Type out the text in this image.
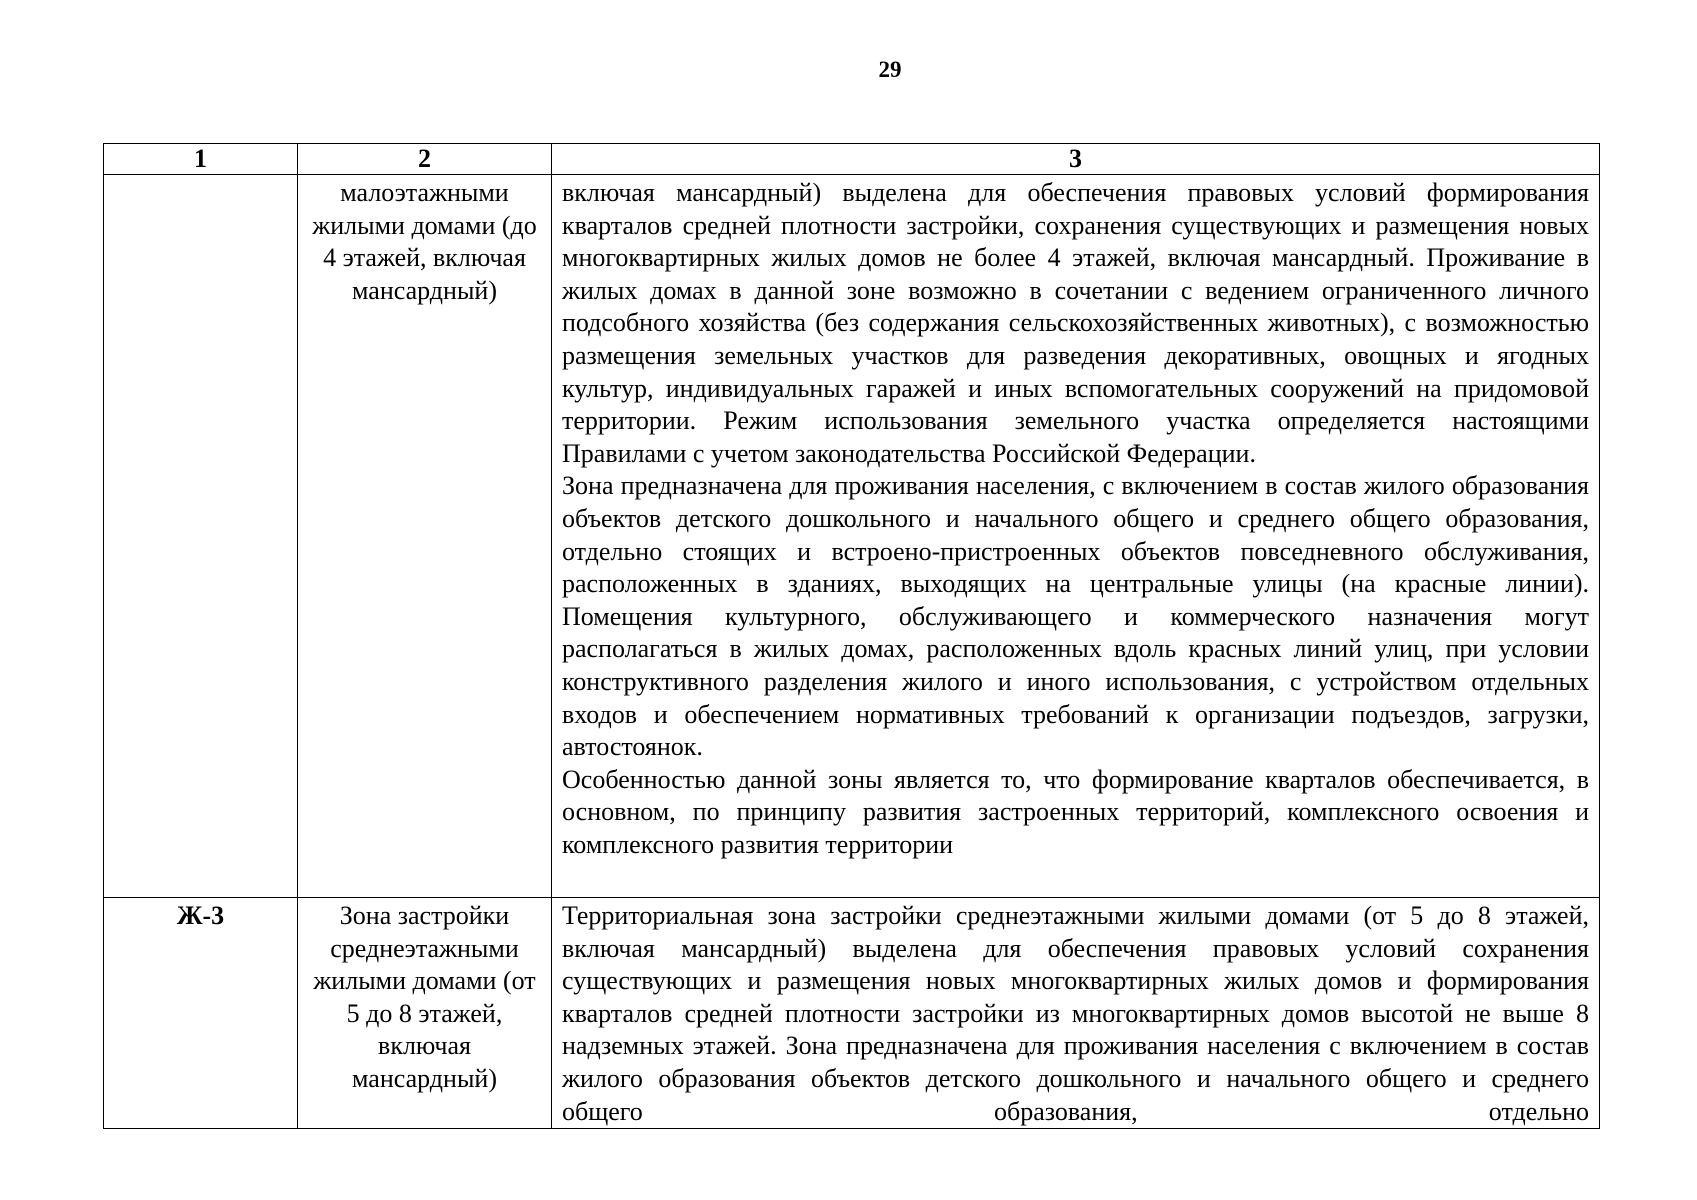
29
1	2	3
	малоэтажными жилыми домами (до 4 этажей, включая мансардный)	включая мансардный) выделена для обеспечения правовых условий формирования кварталов средней плотности застройки, сохранения существующих и размещения новых многоквартирных жилых домов не более 4 этажей, включая мансардный. Проживание в жилых домах в данной зоне возможно в сочетании с ведением ограниченного личного подсобного хозяйства (без содержания сельскохозяйственных животных), с возможностью размещения земельных участков для разведения декоративных, овощных и ягодных культур, индивидуальных гаражей и иных вспомогательных сооружений на придомовой территории. Режим использования земельного участка определяется настоящими Правилами с учетом законодательства Российской Федерации.

Зона предназначена для проживания населения, с включением в состав жилого образования объектов детского дошкольного и начального общего и среднего общего образования, отдельно стоящих и встроено-пристроенных объектов повседневного обслуживания, расположенных в зданиях, выходящих на центральные улицы (на красные линии). Помещения культурного, обслуживающего и коммерческого назначения могут располагаться в жилых домах, расположенных вдоль красных линий улиц, при условии конструктивного разделения жилого и иного использования, с устройством отдельных входов и обеспечением нормативных требований к организации подъездов, загрузки, автостоянок.

Особенностью данной зоны является то, что формирование кварталов обеспечивается, в основном, по принципу развития застроенных территорий, комплексного освоения и комплексного развития территории

Ж-3	Зона застройки среднеэтажными жилыми домами (от 5 до 8 этажей, включая мансардный)	Территориальная зона застройки среднеэтажными жилыми домами (от 5 до 8 этажей, включая мансардный) выделена для обеспечения правовых условий сохранения существующих и размещения новых многоквартирных жилых домов и формирования кварталов средней плотности застройки из многоквартирных домов высотой не выше 8 надземных этажей. Зона предназначена для проживания населения с включением в состав жилого образования объектов детского дошкольного и начального общего и среднего общего образования, отдельно
